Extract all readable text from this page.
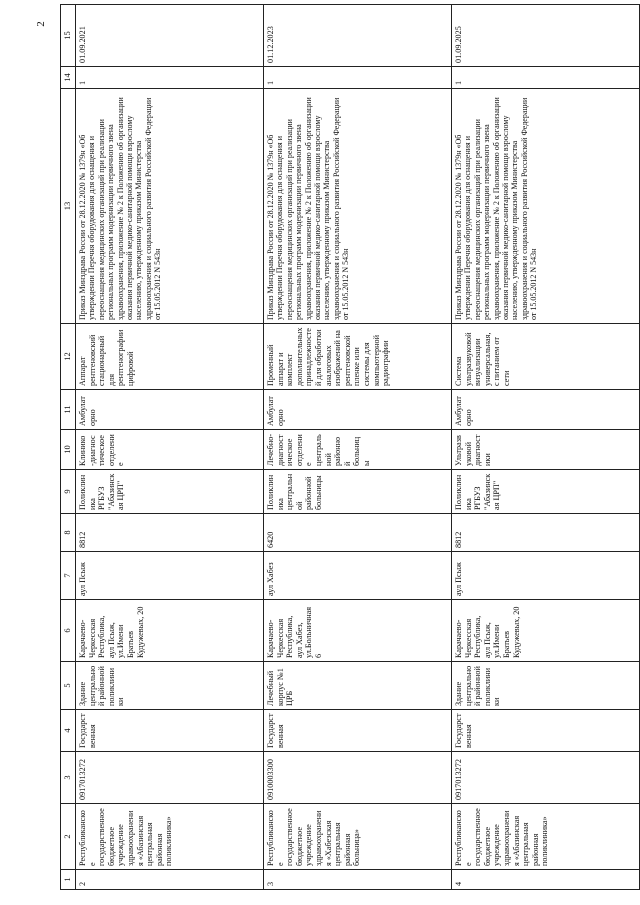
2
1	2	3	4	5	6	7	8	9	10	11	12	13	14	15
2	Республиканское государственное бюджетное учреждение здравоохранения «Абазинская центральная районная поликлиника»	0917013272	Государственная	Здание центральной районной поликлиники	Карачаево-Черкесская Республика, аул Псыж, ул.Имени Братьев Кудужевых, 20	аул Псыж	8812	Поликлиника РГБУЗ "Абазинская ЦРП"	Клинико-диагностическое отделение	Амбулаторно	Аппарат рентгеновский стационарный для рентгенографии цифровой	Приказ Минздрава России от 28.12.2020 № 1379н «Об утверждении Перечня оборудования для оснащения и переоснащения медицинских организаций при реализации региональных программ модернизации первичного звена здравоохранения, приложение № 2 к Положению об организации оказания первичной медико-санитарной помощи взрослому населению, утвержденному приказом Министерства здравоохранения и социального развития Российской Федерации от 15.05.2012 N 543н	1	01.09.2021
3	Республиканское государственное бюджетное учреждение здравоохранения «Хабезская центральная районная больница»	0910003300	Государственная	Лечебный корпус №1 ЦРБ	Карачаево-Черкесская Республика, аул Хабез, ул.Больничная 6	аул Хабез	6420	Поликлиника центральной районной больницы	Лечебно-диагностическое отделение центральной районной больницы	Амбулаторно	Променный аппарат и комплект дополнительных принадлежностей для обработки аналоговых изображений на рентгеновской пленке или системы для компьютерной радиографии	Приказ Минздрава России от 28.12.2020 № 1379н «Об утверждении Перечня оборудования для оснащения и переоснащения медицинских организаций при реализации региональных программ модернизации первичного звена здравоохранения, приложение № 2 к Положению об организации оказания первичной медико-санитарной помощи взрослому населению, утвержденному приказом Министерства здравоохранения и социального развития Российской Федерации от 15.05.2012 N 543н	1	01.12.2023
4	Республиканское государственное бюджетное учреждение здравоохранения «Абазинская центральная районная поликлиника»	0917013272	Государственная	Здание центральной районной поликлиники	Карачаево-Черкесская Республика, аул Псыж, ул.Имени Братьев Кудужевых, 20	аул Псыж	8812	Поликлиника РГБУЗ "Абазинская ЦРП"	Ультразвуковой диагностики	Амбулаторно	Система ультразвуковой визуализации универсальная, с питанием от сети	Приказ Минздрава России от 28.12.2020 № 1379н «Об утверждении Перечня оборудования для оснащения и переоснащения медицинских организаций при реализации региональных программ модернизации первичного звена здравоохранения, приложение № 2 к Положению об организации оказания первичной медико-санитарной помощи взрослому населению, утвержденному приказом Министерства здравоохранения и социального развития Российской Федерации от 15.05.2012 N 543н	1	01.09.2025
